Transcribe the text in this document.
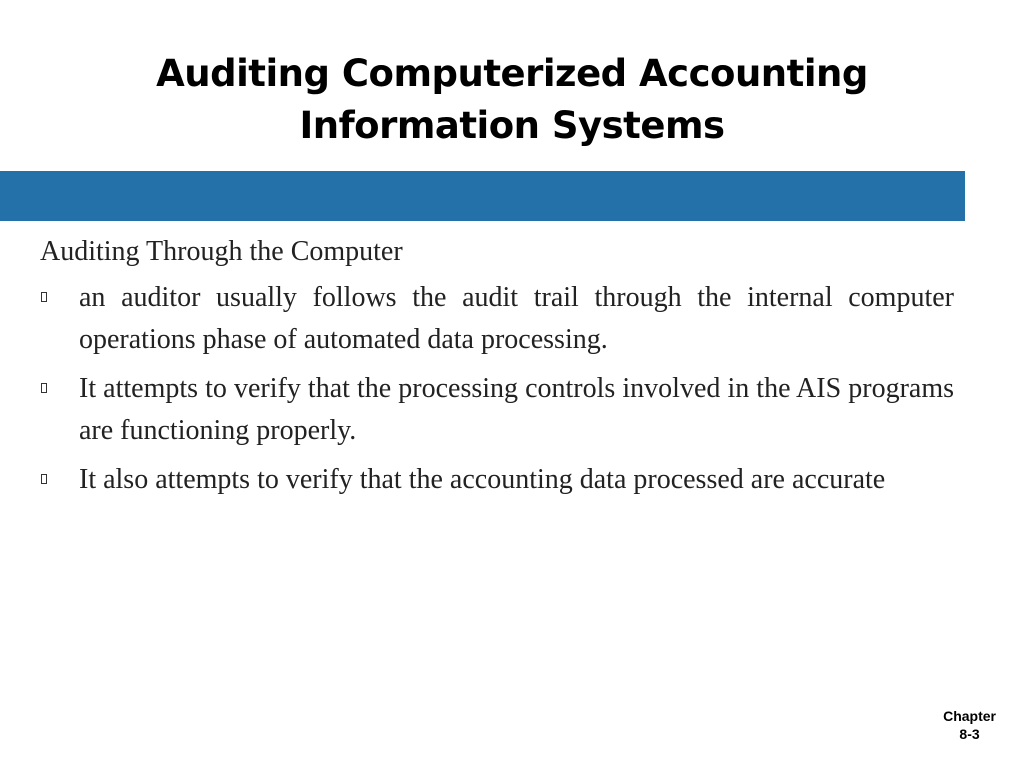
Auditing Computerized Accounting
Information Systems

Auditing Through the Computer

an auditor usually follows the audit trail through the internal computer operations phase of automated data processing.
It attempts to verify that the processing controls involved in the AIS programs are functioning properly.
It also attempts to verify that the accounting data processed are accurate
Chapter
8-3
